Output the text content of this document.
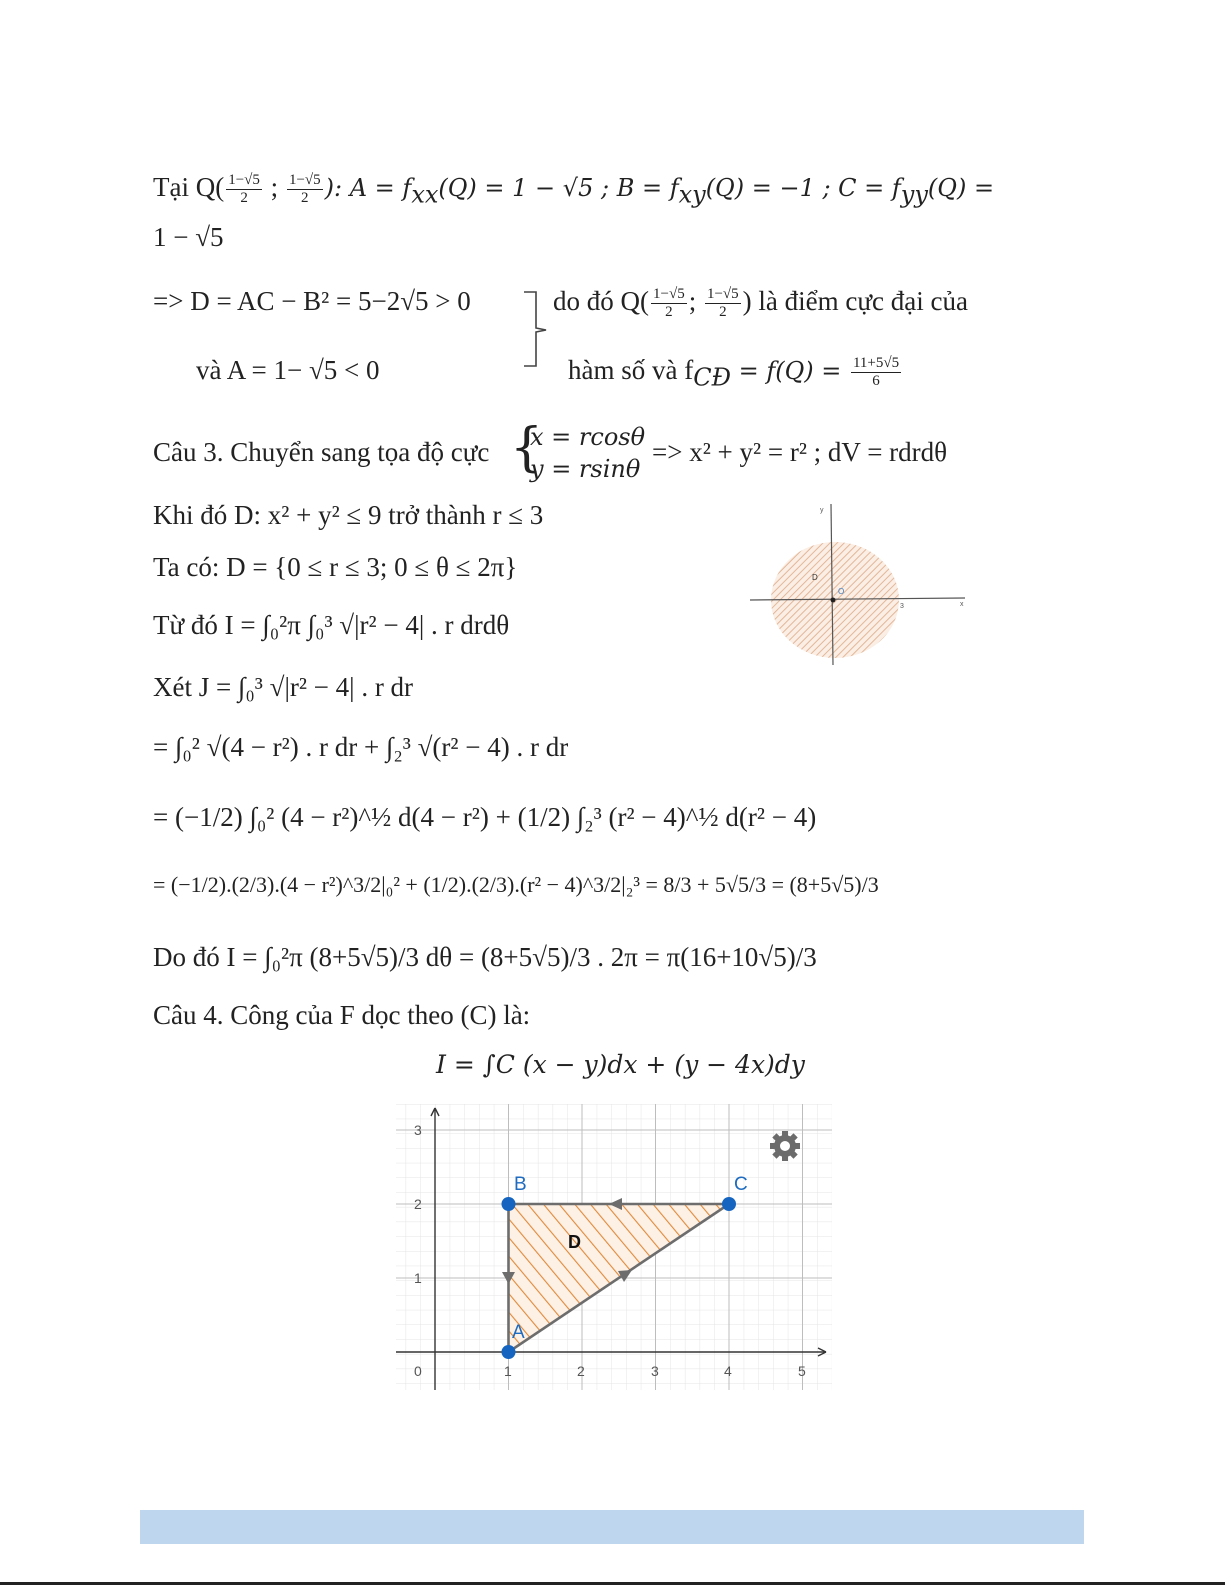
Tại $Q( \frac{1-√5}{2}$ ; $\frac{1-√5}{2}$ ): $A = f_{xx}(Q) = 1 - √5$ ; $B = f_{xy}(Q) = -1$ ; $C = f_{yy}(Q)$ =
1 − √5
=> D = AC − B² = 5−2√5 > 0
và A = 1− √5 < 0
do đó $Q( \frac{1-√5}{2}$ ; $\frac{1-√5}{2}$ ) là điểm cực đại của
hàm số và $f_{CĐ} = f(Q) = \frac{11+5√5}{6}$
Câu 3. Chuyển sang tọa độ cực {
x = rcosθ
y = rsinθ
=> x² + y² = r² ; dV = rdrdθ
Khi đó D: x² + y² ≤ 9 trở thành r ≤ 3
Ta có: D = {0 ≤ r ≤ 3; 0 ≤ θ ≤ 2π}
Từ đó I = ∫₀²π ∫₀³ √|r² − 4| . r drdθ
Xét J = ∫₀³ √|r² − 4| . r dr
= ∫₀² √(4 − r²) . r dr + ∫₂³ √(r² − 4) . r dr
= (−1/2) ∫₀² (4 − r²)^½ d(4 − r²) + (1/2) ∫₂³ (r² − 4)^½ d(r² − 4)
= (−1/2).(2/3).(4 − r²)^3/2|₀² + (1/2).(2/3).(r² − 4)^3/2|₂³ = 8/3 + 5√5/3 = (8+5√5)/3
Do đó I = ∫₀²π (8+5√5)/3 dθ = (8+5√5)/3 . 2π = π(16+10√5)/3
Câu 4. Công của F dọc theo (C) là:
I = ∫C (x − y)dx + (y − 4x)dy
D
O
3	x
y
3
2
1
0	1	2	3	4	5
A
B	C
D
